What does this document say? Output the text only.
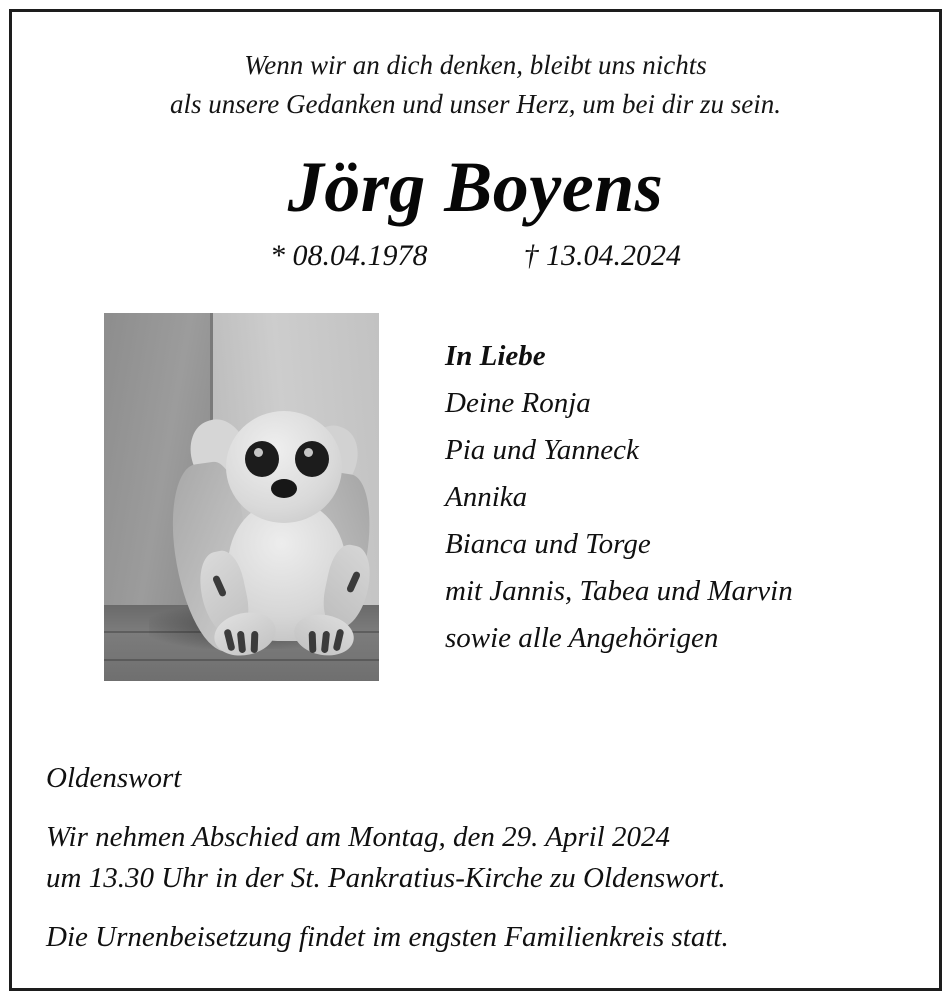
Wenn wir an dich denken, bleibt uns nichts
als unsere Gedanken und unser Herz, um bei dir zu sein.
Jörg Boyens
* 08.04.1978	† 13.04.2024
In Liebe
Deine Ronja
Pia und Yanneck
Annika
Bianca und Torge
mit Jannis, Tabea und Marvin
sowie alle Angehörigen
Oldenswort
Wir nehmen Abschied am Montag, den 29. April 2024
um 13.30 Uhr in der St. Pankratius-Kirche zu Oldenswort.
Die Urnenbeisetzung findet im engsten Familienkreis statt.
